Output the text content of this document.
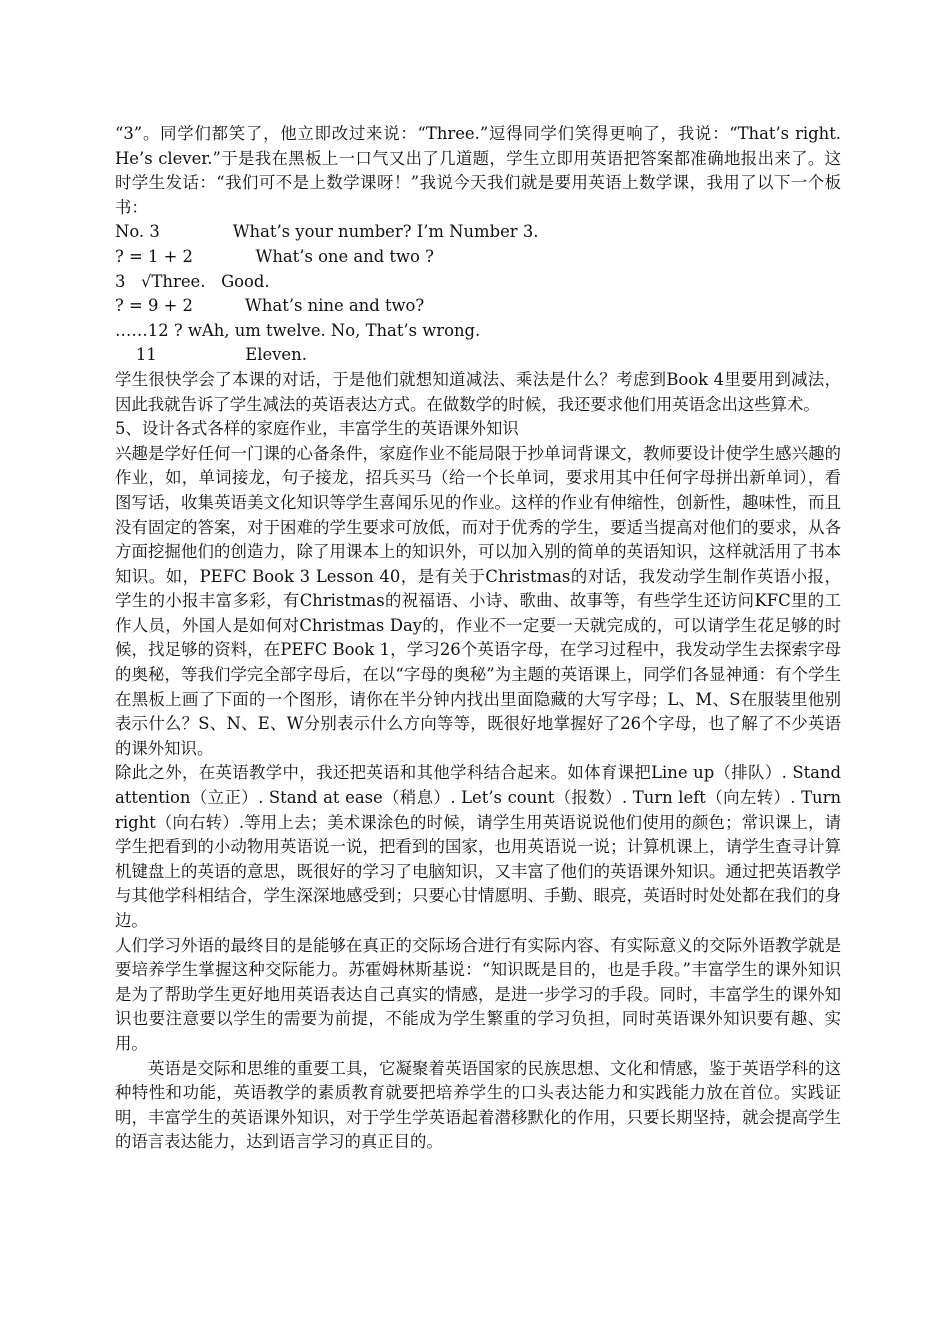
“3”。同学们都笑了，他立即改过来说：“Three.”逗得同学们笑得更响了，我说：“That’s right. He’s clever.”于是我在黑板上一口气又出了几道题，学生立即用英语把答案都准确地报出来了。这时学生发话：“我们可不是上数学课呀！”我说今天我们就是要用英语上数学课，我用了以下一个板书：

No. 3              What’s your number? I’m Number 3.

? = 1 + 2            What’s one and two ?

3   √Three.   Good.

? = 9 + 2          What’s nine and two?

……12 ? wAh, um twelve. No, That’s wrong.

11                 Eleven.

学生很快学会了本课的对话，于是他们就想知道减法、乘法是什么？考虑到Book 4里要用到减法，因此我就告诉了学生减法的英语表达方式。在做数学的时候，我还要求他们用英语念出这些算术。

5、设计各式各样的家庭作业，丰富学生的英语课外知识

兴趣是学好任何一门课的心备条件，家庭作业不能局限于抄单词背课文，教师要设计使学生感兴趣的作业，如，单词接龙，句子接龙，招兵买马（给一个长单词，要求用其中任何字母拼出新单词），看图写话，收集英语美文化知识等学生喜闻乐见的作业。这样的作业有伸缩性，创新性，趣味性，而且没有固定的答案，对于困难的学生要求可放低，而对于优秀的学生，要适当提高对他们的要求，从各方面挖掘他们的创造力，除了用课本上的知识外，可以加入别的简单的英语知识，这样就活用了书本知识。如，PEFC Book 3 Lesson 40，是有关于Christmas的对话，我发动学生制作英语小报，学生的小报丰富多彩，有Christmas的祝福语、小诗、歌曲、故事等，有些学生还访问KFC里的工作人员，外国人是如何对Christmas Day的，作业不一定要一天就完成的，可以请学生花足够的时候，找足够的资料，在PEFC Book 1，学习26个英语字母，在学习过程中，我发动学生去探索字母的奥秘，等我们学完全部字母后，在以“字母的奥秘”为主题的英语课上，同学们各显神通：有个学生在黑板上画了下面的一个图形，请你在半分钟内找出里面隐藏的大写字母；L、M、S在服装里他别表示什么？S、N、E、W分别表示什么方向等等，既很好地掌握好了26个字母，也了解了不少英语的课外知识。

除此之外，在英语教学中，我还把英语和其他学科结合起来。如体育课把Line up（排队）. Stand attention（立正）. Stand at ease（稍息）. Let’s count（报数）. Turn left（向左转）. Turn right（向右转）.等用上去；美术课涂色的时候，请学生用英语说说他们使用的颜色；常识课上，请学生把看到的小动物用英语说一说，把看到的国家，也用英语说一说；计算机课上，请学生查寻计算机键盘上的英语的意思，既很好的学习了电脑知识，又丰富了他们的英语课外知识。通过把英语教学与其他学科相结合，学生深深地感受到；只要心甘情愿明、手勤、眼亮，英语时时处处都在我们的身边。

人们学习外语的最终目的是能够在真正的交际场合进行有实际内容、有实际意义的交际外语教学就是要培养学生掌握这种交际能力。苏霍姆林斯基说：“知识既是目的，也是手段。”丰富学生的课外知识是为了帮助学生更好地用英语表达自己真实的情感，是进一步学习的手段。同时，丰富学生的课外知识也要注意要以学生的需要为前提，不能成为学生繁重的学习负担，同时英语课外知识要有趣、实用。

英语是交际和思维的重要工具，它凝聚着英语国家的民族思想、文化和情感，鉴于英语学科的这种特性和功能，英语教学的素质教育就要把培养学生的口头表达能力和实践能力放在首位。实践证明，丰富学生的英语课外知识，对于学生学英语起着潜移默化的作用，只要长期坚持，就会提高学生的语言表达能力，达到语言学习的真正目的。
